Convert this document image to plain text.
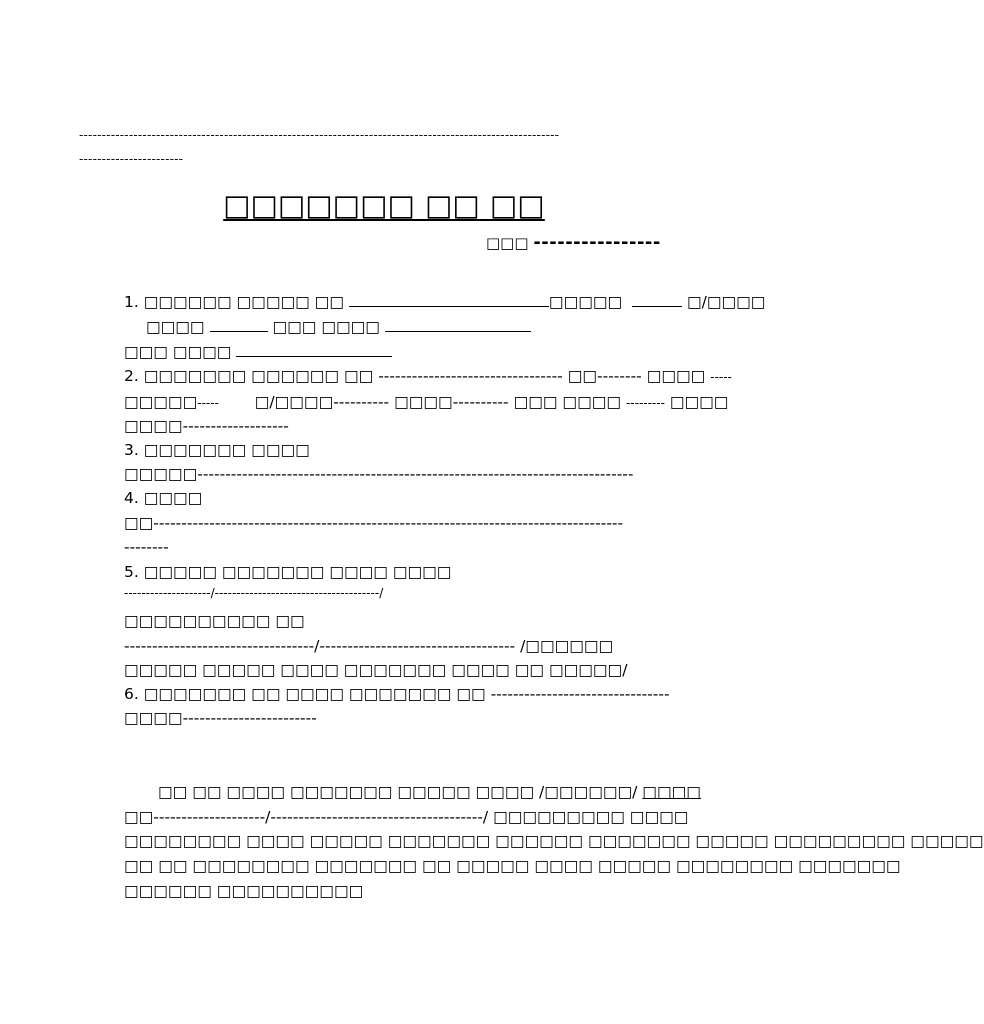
----------------------------------------------------------------------------------------------------------
-----------------------
□□□□□□□ □□ □□
□□□ ----------------
1. □□□□□□ □□□□□ □□	□□□□□	□/□□□□
□□□□	□□□ □□□□
□□□ □□□□
2. □□□□□□□ □□□□□□ □□ --------------------------------- □□-------- □□□□ -----
□□□□□----- □/□□□□---------- □□□□---------- □□□ □□□□ --------- □□□□
□□□□-------------------
3. □□□□□□□ □□□□
□□□□□------------------------------------------------------------------------------
4. □□□□
□□------------------------------------------------------------------------------------
--------
5. □□□□□ □□□□□□□ □□□□ □□□□
--------------------/--------------------------------------/
□□□□□□□□□□ □□
----------------------------------/----------------------------------- /□□□□□□
□□□□□ □□□□□ □□□□ □□□□□□□ □□□□ □□ □□□□□/
6. □□□□□□□ □□ □□□□ □□□□□□□ □□ --------------------------------
□□□□------------------------
□□ □□ □□□□ □□□□□□□ □□□□□ □□□□ /□□□□□□/ □□□□
□□--------------------/--------------------------------------/ □□□□□□□□□ □□□□
□□□□□□□□ □□□□ □□□□□ □□□□□□□ □□□□□□ □□□□□□□ □□□□□ □□□□□□□□□ □□□□□
□□ □□ □□□□□□□□ □□□□□□□ □□ □□□□□ □□□□ □□□□□ □□□□□□□□ □□□□□□□
□□□□□□ □□□□□□□□□□
